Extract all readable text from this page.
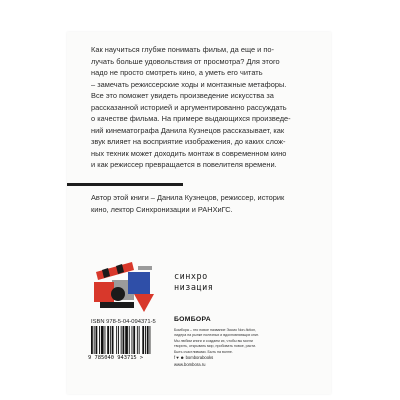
Как научиться глубже понимать фильм, да еще и по-
лучать больше удовольствия от просмотра? Для этого
надо не просто смотреть кино, а уметь его читать
– замечать режиссерские ходы и монтажные метафоры.
Все это поможет увидеть произведение искусства за
рассказанной историей и аргументированно рассуждать
о качестве фильма. На примере выдающихся произведе-
ний кинематографа Данила Кузнецов рассказывает, как
звук влияет на восприятие изображения, до каких слож-
ных техник может доходить монтаж в современном кино
и как режиссер превращается в повелителя времени.

Автор этой книги – Данила Кузнецов, режиссер, историк
кино, лектор Синхронизации и РАНХиГС.

синхро
низация
ISBN 978-5-04-094371-5
9 785040 943715 >
БОМБОРА
Бомбора – это новое название Эксмо Non-fiction,
лидера на рынке полезных и вдохновляющих книг.
Мы любим книги и создаем их, чтобы вы могли
творить, открывать мир, пробовать новое, расти.
Быть счастливыми. Быть на волне.
f ♥ ☻ bomborabooks
www.bombora.ru
